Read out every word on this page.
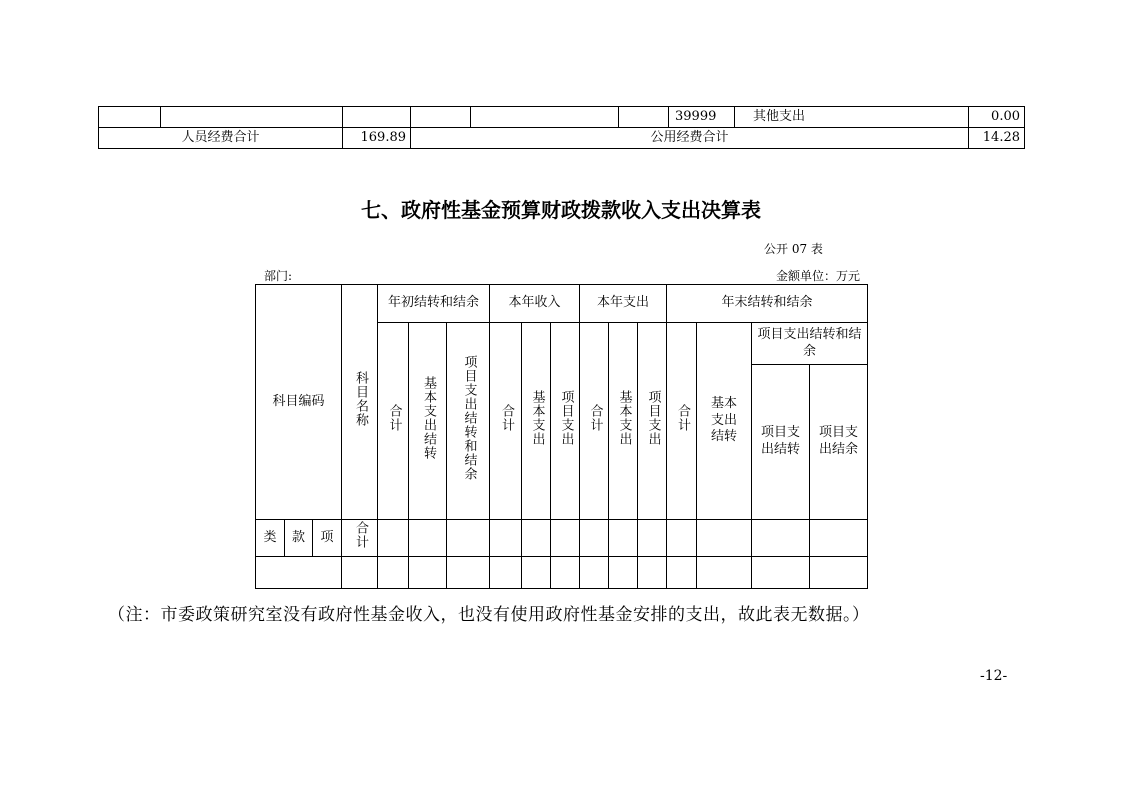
						39999	其他支出	0.00
人员经费合计		169.89	公用经费合计					14.28
七、政府性基金预算财政拨款收入支出决算表
公开 07 表
部门:	金额单位：万元
科目编码			科目名称	年初结转和结余			本年收入			本年支出			年末结转和结余			
				合计	基本支出结转	项目支出结转和结余	合计	基本支出	项目支出	合计	基本支出	项目支出	合计	基本支出结转	项目支出结转和结余	

															项目支出结转	项目支出结余

类	款	项	合计													

（注：市委政策研究室没有政府性基金收入，也没有使用政府性基金安排的支出，故此表无数据。）
-12-
